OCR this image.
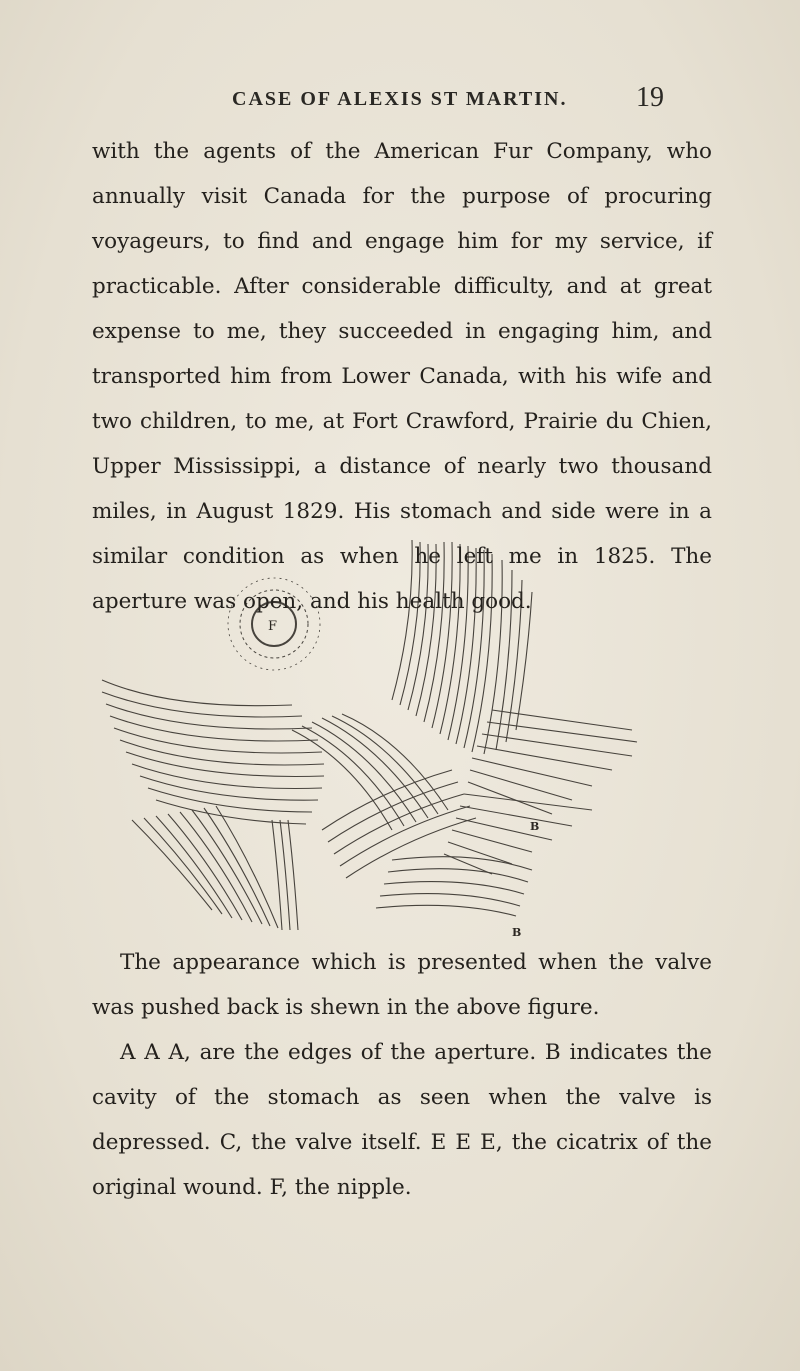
CASE OF ALEXIS ST MARTIN. 19

with the agents of the American Fur Company, who annually visit Canada for the purpose of procuring voyageurs, to find and engage him for my service, if practicable. After considerable difficulty, and at great expense to me, they succeeded in engaging him, and transported him from Lower Canada, with his wife and two children, to me, at Fort Crawford, Prairie du Chien, Upper Mississippi, a distance of nearly two thousand miles, in August 1829. His stomach and side were in a similar condition as when he left me in 1825. The aperture was open, and his health good.

F
B
B

The appearance which is presented when the valve was pushed back is shewn in the above figure.

A A A, are the edges of the aperture. B indicates the cavity of the stomach as seen when the valve is depressed. C, the valve itself. E E E, the cicatrix of the original wound. F, the nipple.
